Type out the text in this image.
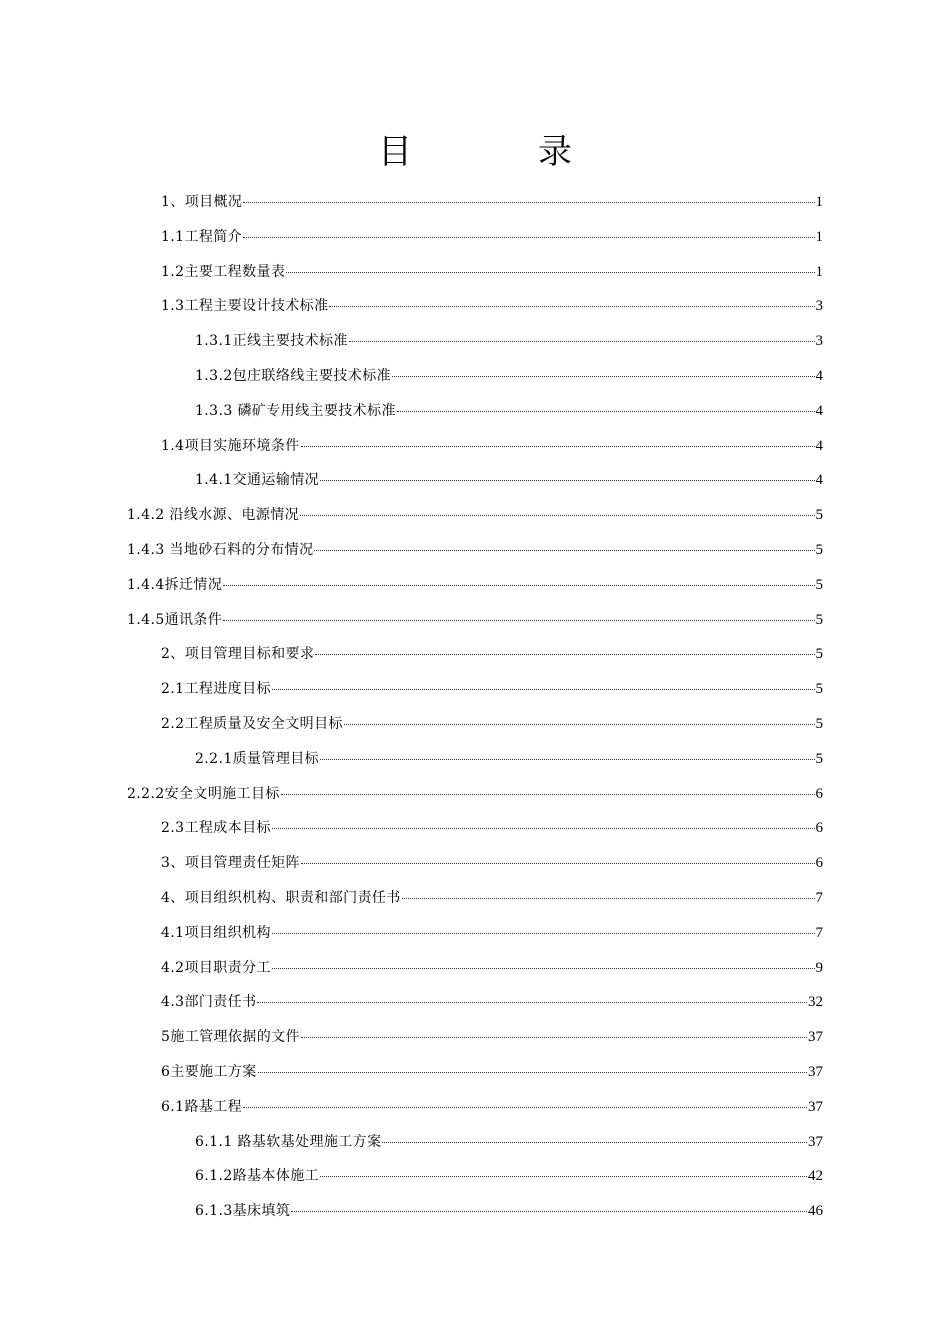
目　录
1、项目概况	1
1.1工程简介	1
1.2主要工程数量表	1
1.3工程主要设计技术标准	3
1.3.1正线主要技术标准	3
1.3.2包庄联络线主要技术标准	4
1.3.3 磷矿专用线主要技术标准	4
1.4项目实施环境条件	4
1.4.1交通运输情况	4
1.4.2 沿线水源、电源情况	5
1.4.3 当地砂石料的分布情况	5
1.4.4拆迁情况	5
1.4.5通讯条件	5
2、项目管理目标和要求	5
2.1工程进度目标	5
2.2工程质量及安全文明目标	5
2.2.1质量管理目标	5
2.2.2安全文明施工目标	6
2.3工程成本目标	6
3、项目管理责任矩阵	6
4、项目组织机构、职责和部门责任书	7
4.1项目组织机构	7
4.2项目职责分工	9
4.3部门责任书	32
5施工管理依据的文件	37
6主要施工方案	37
6.1路基工程	37
6.1.1 路基软基处理施工方案	37
6.1.2路基本体施工	42
6.1.3基床填筑	46
